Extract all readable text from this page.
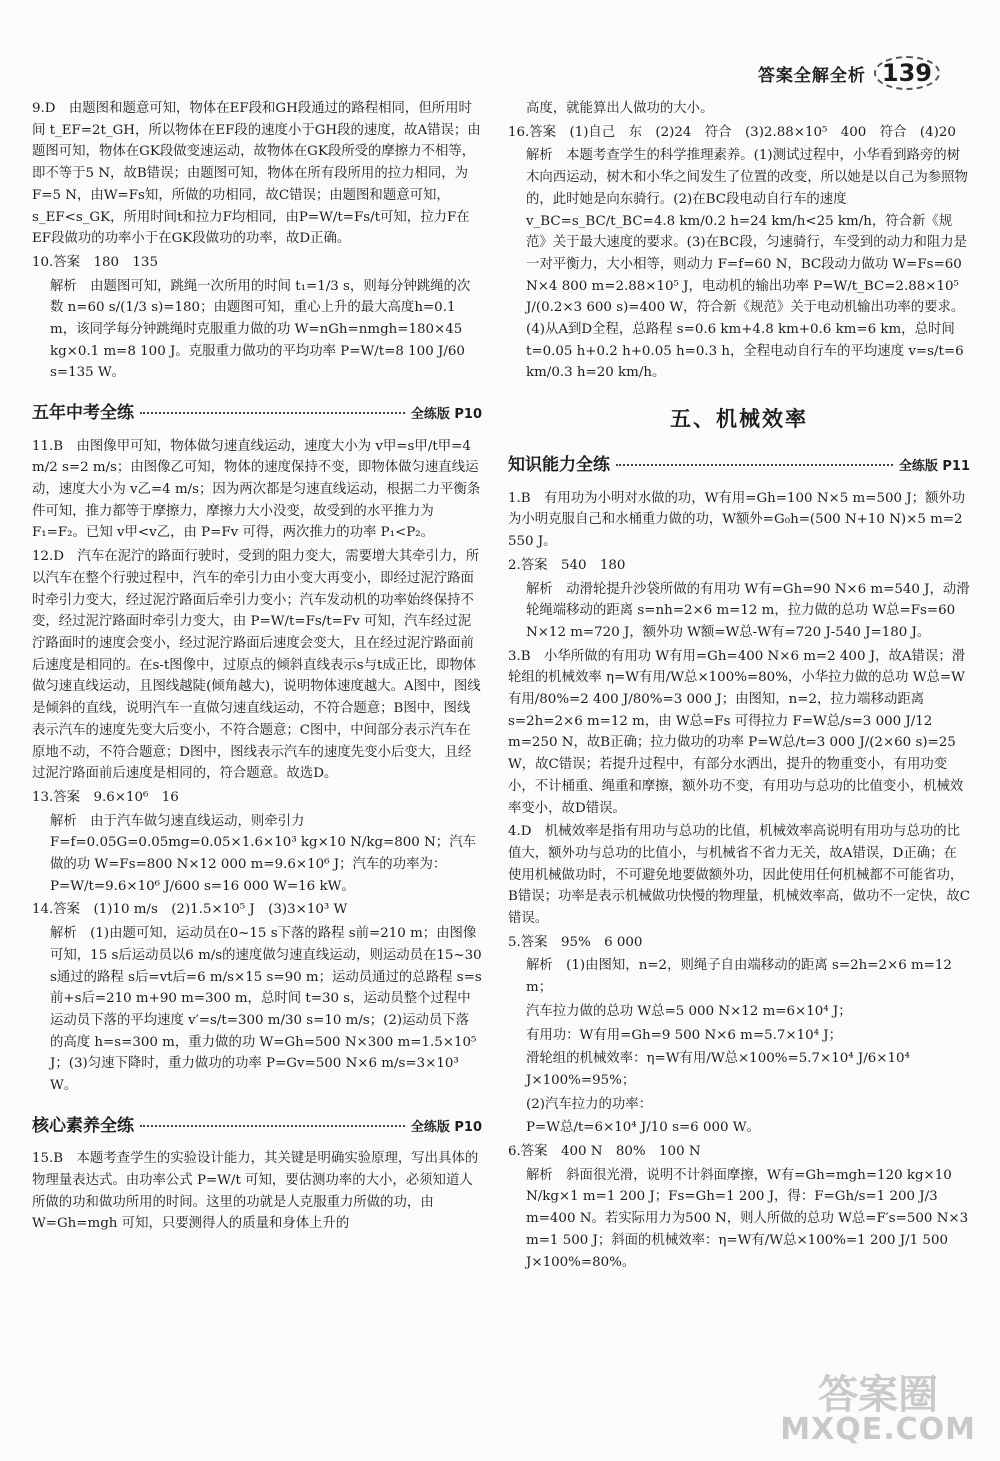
答案全解全析 139

9.D　由题图和题意可知，物体在EF段和GH段通过的路程相同，但所用时间 t_EF=2t_GH，所以物体在EF段的速度小于GH段的速度，故A错误；由题图可知，物体在GK段做变速运动，故物体在GK段所受的摩擦力不相等，即不等于5 N，故B错误；由题图可知，物体在所有段所用的拉力相同，为F=5 N，由W=Fs知，所做的功相同，故C错误；由题图和题意可知，s_EF<s_GK，所用时间t和拉力F均相同，由P=W/t=Fs/t可知，拉力F在EF段做功的功率小于在GK段做功的功率，故D正确。

10.答案　180　135

解析　由题图可知，跳绳一次所用的时间 t₁=1/3 s，则每分钟跳绳的次数 n=60 s/(1/3 s)=180；由题图可知，重心上升的最大高度h=0.1 m，该同学每分钟跳绳时克服重力做的功 W=nGh=nmgh=180×45 kg×0.1 m=8 100 J。克服重力做功的平均功率 P=W/t=8 100 J/60 s=135 W。

五年中考全练	全练版 P10

11.B　由图像甲可知，物体做匀速直线运动，速度大小为 v甲=s甲/t甲=4 m/2 s=2 m/s；由图像乙可知，物体的速度保持不变，即物体做匀速直线运动，速度大小为 v乙=4 m/s；因为两次都是匀速直线运动，根据二力平衡条件可知，推力都等于摩擦力，摩擦力大小没变，故受到的水平推力为F₁=F₂。已知 v甲<v乙，由 P=Fv 可得，两次推力的功率 P₁<P₂。

12.D　汽车在泥泞的路面行驶时，受到的阻力变大，需要增大其牵引力，所以汽车在整个行驶过程中，汽车的牵引力由小变大再变小，即经过泥泞路面时牵引力变大，经过泥泞路面后牵引力变小；汽车发动机的功率始终保持不变，经过泥泞路面时牵引力变大，由 P=W/t=Fs/t=Fv 可知，汽车经过泥泞路面时的速度会变小，经过泥泞路面后速度会变大，且在经过泥泞路面前后速度是相同的。在s-t图像中，过原点的倾斜直线表示s与t成正比，即物体做匀速直线运动，且图线越陡(倾角越大)，说明物体速度越大。A图中，图线是倾斜的直线，说明汽车一直做匀速直线运动，不符合题意；B图中，图线表示汽车的速度先变大后变小，不符合题意；C图中，中间部分表示汽车在原地不动，不符合题意；D图中，图线表示汽车的速度先变小后变大，且经过泥泞路面前后速度是相同的，符合题意。故选D。

13.答案　9.6×10⁶　16

解析　由于汽车做匀速直线运动，则牵引力 F=f=0.05G=0.05mg=0.05×1.6×10³ kg×10 N/kg=800 N；汽车做的功 W=Fs=800 N×12 000 m=9.6×10⁶ J；汽车的功率为：P=W/t=9.6×10⁶ J/600 s=16 000 W=16 kW。

14.答案　(1)10 m/s　(2)1.5×10⁵ J　(3)3×10³ W

解析　(1)由题可知，运动员在0~15 s下落的路程 s前=210 m；由图像可知，15 s后运动员以6 m/s的速度做匀速直线运动，则运动员在15~30 s通过的路程 s后=vt后=6 m/s×15 s=90 m；运动员通过的总路程 s=s前+s后=210 m+90 m=300 m，总时间 t=30 s，运动员整个过程中运动员下落的平均速度 v′=s/t=300 m/30 s=10 m/s；(2)运动员下落的高度 h=s=300 m，重力做的功 W=Gh=500 N×300 m=1.5×10⁵ J；(3)匀速下降时，重力做功的功率 P=Gv=500 N×6 m/s=3×10³ W。

核心素养全练	全练版 P10

15.B　本题考查学生的实验设计能力，其关键是明确实验原理，写出具体的物理量表达式。由功率公式 P=W/t 可知，要估测功率的大小，必须知道人所做的功和做功所用的时间。这里的功就是人克服重力所做的功，由 W=Gh=mgh 可知，只要测得人的质量和身体上升的

高度，就能算出人做功的大小。

16.答案　(1)自己　东　(2)24　符合　(3)2.88×10⁵　400　符合　(4)20

解析　本题考查学生的科学推理素养。(1)测试过程中，小华看到路旁的树木向西运动，树木和小华之间发生了位置的改变，所以她是以自己为参照物的，此时她是向东骑行。(2)在BC段电动自行车的速度 v_BC=s_BC/t_BC=4.8 km/0.2 h=24 km/h<25 km/h，符合新《规范》关于最大速度的要求。(3)在BC段，匀速骑行，车受到的动力和阻力是一对平衡力，大小相等，则动力 F=f=60 N，BC段动力做功 W=Fs=60 N×4 800 m=2.88×10⁵ J，电动机的输出功率 P=W/t_BC=2.88×10⁵ J/(0.2×3 600 s)=400 W，符合新《规范》关于电动机输出功率的要求。(4)从A到D全程，总路程 s=0.6 km+4.8 km+0.6 km=6 km，总时间 t=0.05 h+0.2 h+0.05 h=0.3 h，全程电动自行车的平均速度 v=s/t=6 km/0.3 h=20 km/h。

五、机械效率
知识能力全练	全练版 P11

1.B　有用功为小明对水做的功，W有用=Gh=100 N×5 m=500 J；额外功为小明克服自己和水桶重力做的功，W额外=G₀h=(500 N+10 N)×5 m=2 550 J。

2.答案　540　180

解析　动滑轮提升沙袋所做的有用功 W有=Gh=90 N×6 m=540 J，动滑轮绳端移动的距离 s=nh=2×6 m=12 m，拉力做的总功 W总=Fs=60 N×12 m=720 J，额外功 W额=W总-W有=720 J-540 J=180 J。

3.B　小华所做的有用功 W有用=Gh=400 N×6 m=2 400 J，故A错误；滑轮组的机械效率 η=W有用/W总×100%=80%，小华拉力做的总功 W总=W有用/80%=2 400 J/80%=3 000 J；由图知，n=2，拉力端移动距离 s=2h=2×6 m=12 m，由 W总=Fs 可得拉力 F=W总/s=3 000 J/12 m=250 N，故B正确；拉力做功的功率 P=W总/t=3 000 J/(2×60 s)=25 W，故C错误；若提升过程中，有部分水洒出，提升的物重变小，有用功变小，不计桶重、绳重和摩擦，额外功不变，有用功与总功的比值变小，机械效率变小，故D错误。

4.D　机械效率是指有用功与总功的比值，机械效率高说明有用功与总功的比值大，额外功与总功的比值小，与机械省不省力无关，故A错误，D正确；在使用机械做功时，不可避免地要做额外功，因此使用任何机械都不可能省功，B错误；功率是表示机械做功快慢的物理量，机械效率高，做功不一定快，故C错误。

5.答案　95%　6 000

解析　(1)由图知，n=2，则绳子自由端移动的距离 s=2h=2×6 m=12 m；

汽车拉力做的总功 W总=5 000 N×12 m=6×10⁴ J；

有用功：W有用=Gh=9 500 N×6 m=5.7×10⁴ J；

滑轮组的机械效率：η=W有用/W总×100%=5.7×10⁴ J/6×10⁴ J×100%=95%；

(2)汽车拉力的功率：

P=W总/t=6×10⁴ J/10 s=6 000 W。

6.答案　400 N　80%　100 N

解析　斜面很光滑，说明不计斜面摩擦，W有=Gh=mgh=120 kg×10 N/kg×1 m=1 200 J；Fs=Gh=1 200 J，得：F=Gh/s=1 200 J/3 m=400 N。若实际用力为500 N，则人所做的总功 W总=F′s=500 N×3 m=1 500 J；斜面的机械效率：η=W有/W总×100%=1 200 J/1 500 J×100%=80%。

答案圈
MXQE.COM
